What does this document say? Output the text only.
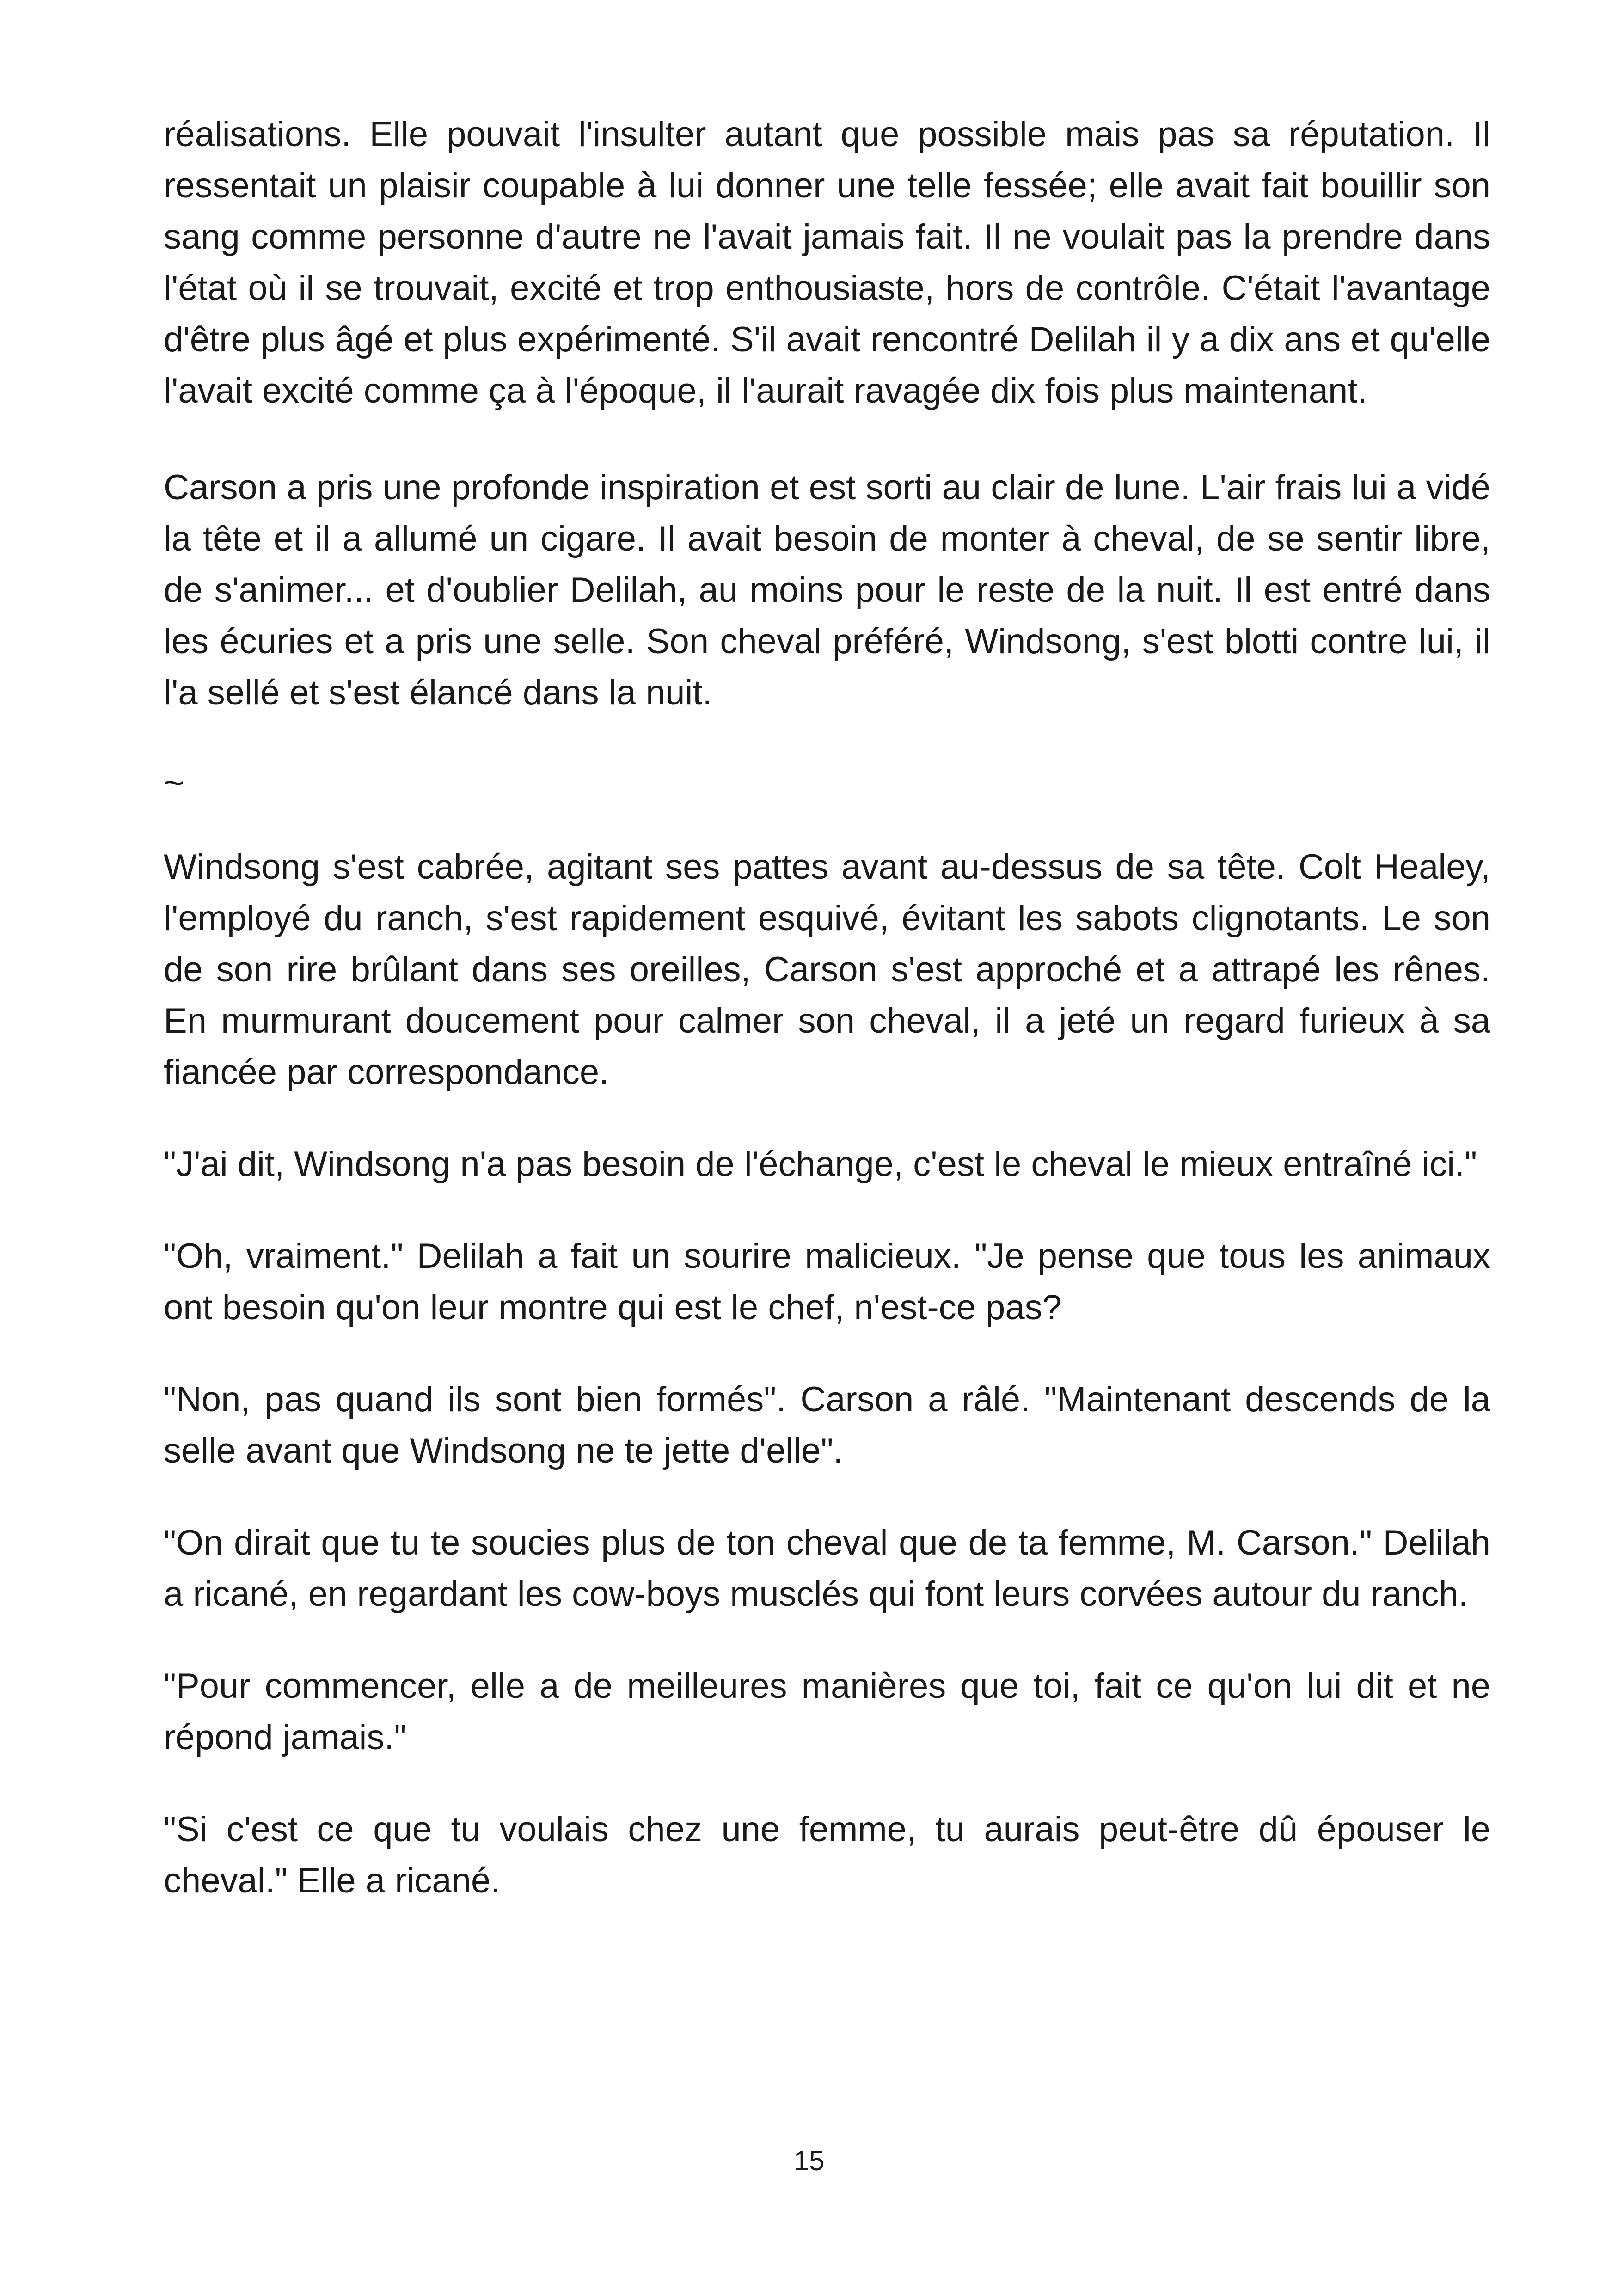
réalisations. Elle pouvait l'insulter autant que possible mais pas sa réputation. Il ressentait un plaisir coupable à lui donner une telle fessée; elle avait fait bouillir son sang comme personne d'autre ne l'avait jamais fait. Il ne voulait pas la prendre dans l'état où il se trouvait, excité et trop enthousiaste, hors de contrôle. C'était l'avantage d'être plus âgé et plus expérimenté. S'il avait rencontré Delilah il y a dix ans et qu'elle l'avait excité comme ça à l'époque, il l'aurait ravagée dix fois plus maintenant.

Carson a pris une profonde inspiration et est sorti au clair de lune. L'air frais lui a vidé la tête et il a allumé un cigare. Il avait besoin de monter à cheval, de se sentir libre, de s'animer... et d'oublier Delilah, au moins pour le reste de la nuit. Il est entré dans les écuries et a pris une selle. Son cheval préféré, Windsong, s'est blotti contre lui, il l'a sellé et s'est élancé dans la nuit.

~

Windsong s'est cabrée, agitant ses pattes avant au-dessus de sa tête. Colt Healey, l'employé du ranch, s'est rapidement esquivé, évitant les sabots clignotants. Le son de son rire brûlant dans ses oreilles, Carson s'est approché et a attrapé les rênes. En murmurant doucement pour calmer son cheval, il a jeté un regard furieux à sa fiancée par correspondance.

"J'ai dit, Windsong n'a pas besoin de l'échange, c'est le cheval le mieux entraîné ici."

"Oh, vraiment." Delilah a fait un sourire malicieux. "Je pense que tous les animaux ont besoin qu'on leur montre qui est le chef, n'est-ce pas?

"Non, pas quand ils sont bien formés". Carson a râlé. "Maintenant descends de la selle avant que Windsong ne te jette d'elle".

"On dirait que tu te soucies plus de ton cheval que de ta femme, M. Carson." Delilah a ricané, en regardant les cow-boys musclés qui font leurs corvées autour du ranch.

"Pour commencer, elle a de meilleures manières que toi, fait ce qu'on lui dit et ne répond jamais."

"Si c'est ce que tu voulais chez une femme, tu aurais peut-être dû épouser le cheval." Elle a ricané.

15
